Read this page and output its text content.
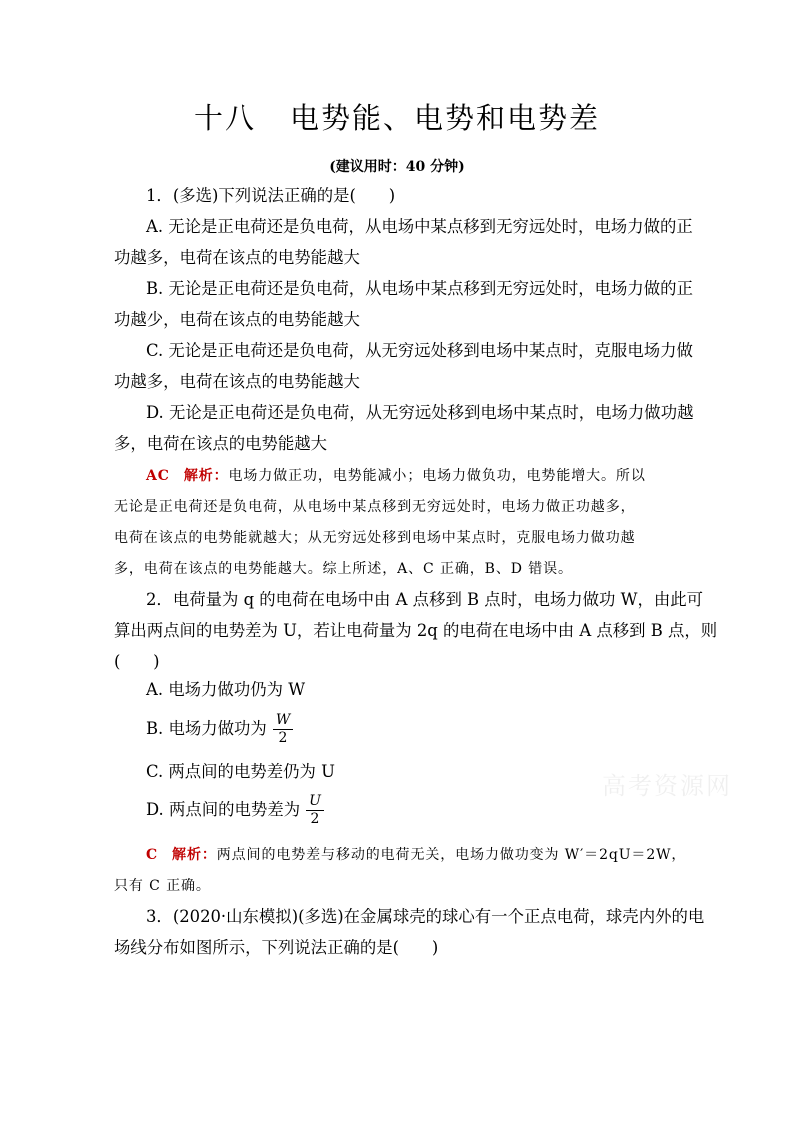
十八 电势能、电势和电势差
(建议用时：40 分钟)
1．(多选)下列说法正确的是(　　)
A. 无论是正电荷还是负电荷，从电场中某点移到无穷远处时，电场力做的正
功越多，电荷在该点的电势能越大
B. 无论是正电荷还是负电荷，从电场中某点移到无穷远处时，电场力做的正
功越少，电荷在该点的电势能越大
C. 无论是正电荷还是负电荷，从无穷远处移到电场中某点时，克服电场力做
功越多，电荷在该点的电势能越大
D. 无论是正电荷还是负电荷，从无穷远处移到电场中某点时，电场力做功越
多，电荷在该点的电势能越大
AC 解析：电场力做正功，电势能减小；电场力做负功，电势能增大。所以
无论是正电荷还是负电荷，从电场中某点移到无穷远处时，电场力做正功越多，
电荷在该点的电势能就越大；从无穷远处移到电场中某点时，克服电场力做功越
多，电荷在该点的电势能越大。综上所述，A、C 正确，B、D 错误。
2．电荷量为 q 的电荷在电场中由 A 点移到 B 点时，电场力做功 W，由此可
算出两点间的电势差为 U，若让电荷量为 2q 的电荷在电场中由 A 点移到 B 点，则
(　　)
A. 电场力做功仍为 W
B. 电场力做功为 $\frac{W}{2}$
C. 两点间的电势差仍为 U
D. 两点间的电势差为 $\frac{U}{2}$
C 解析：两点间的电势差与移动的电荷无关，电场力做功变为 W′＝2qU＝2W，
只有 C 正确。
3．(2020·山东模拟)(多选)在金属球壳的球心有一个正点电荷，球壳内外的电
场线分布如图所示，下列说法正确的是(　　)
高考资源网
